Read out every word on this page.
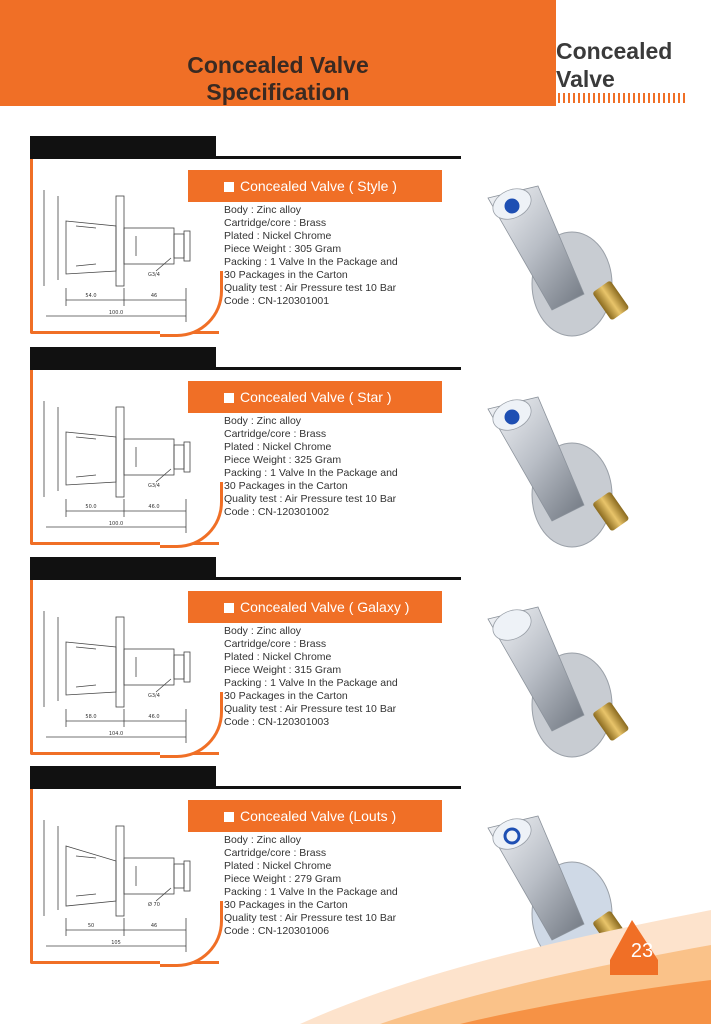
Concealed Valve
Specification
Concealed
Valve
54.0	46
100.0
G3/4
Concealed Valve ( Style )
Body : Zinc alloy
Cartridge/core : Brass
Plated : Nickel Chrome
Piece Weight : 305 Gram
Packing : 1 Valve In the Package and
30 Packages in the Carton
Quality test : Air Pressure test 10 Bar
Code : CN-120301001
50.0	46.0
100.0
G3/4
Concealed Valve ( Star )
Body : Zinc alloy
Cartridge/core : Brass
Plated : Nickel Chrome
Piece Weight : 325 Gram
Packing : 1 Valve In the Package and
30 Packages in the Carton
Quality test : Air Pressure test 10 Bar
Code : CN-120301002
58.0	46.0
104.0
G3/4
Concealed Valve ( Galaxy )
Body : Zinc alloy
Cartridge/core : Brass
Plated : Nickel Chrome
Piece Weight : 315 Gram
Packing : 1 Valve In the Package and
30 Packages in the Carton
Quality test : Air Pressure test 10 Bar
Code : CN-120301003
50	46
105
Ø 70
Concealed Valve (Louts )
Body : Zinc alloy
Cartridge/core : Brass
Plated : Nickel Chrome
Piece Weight : 279 Gram
Packing : 1 Valve In the Package and
30 Packages in the Carton
Quality test : Air Pressure test 10 Bar
Code : CN-120301006
23
